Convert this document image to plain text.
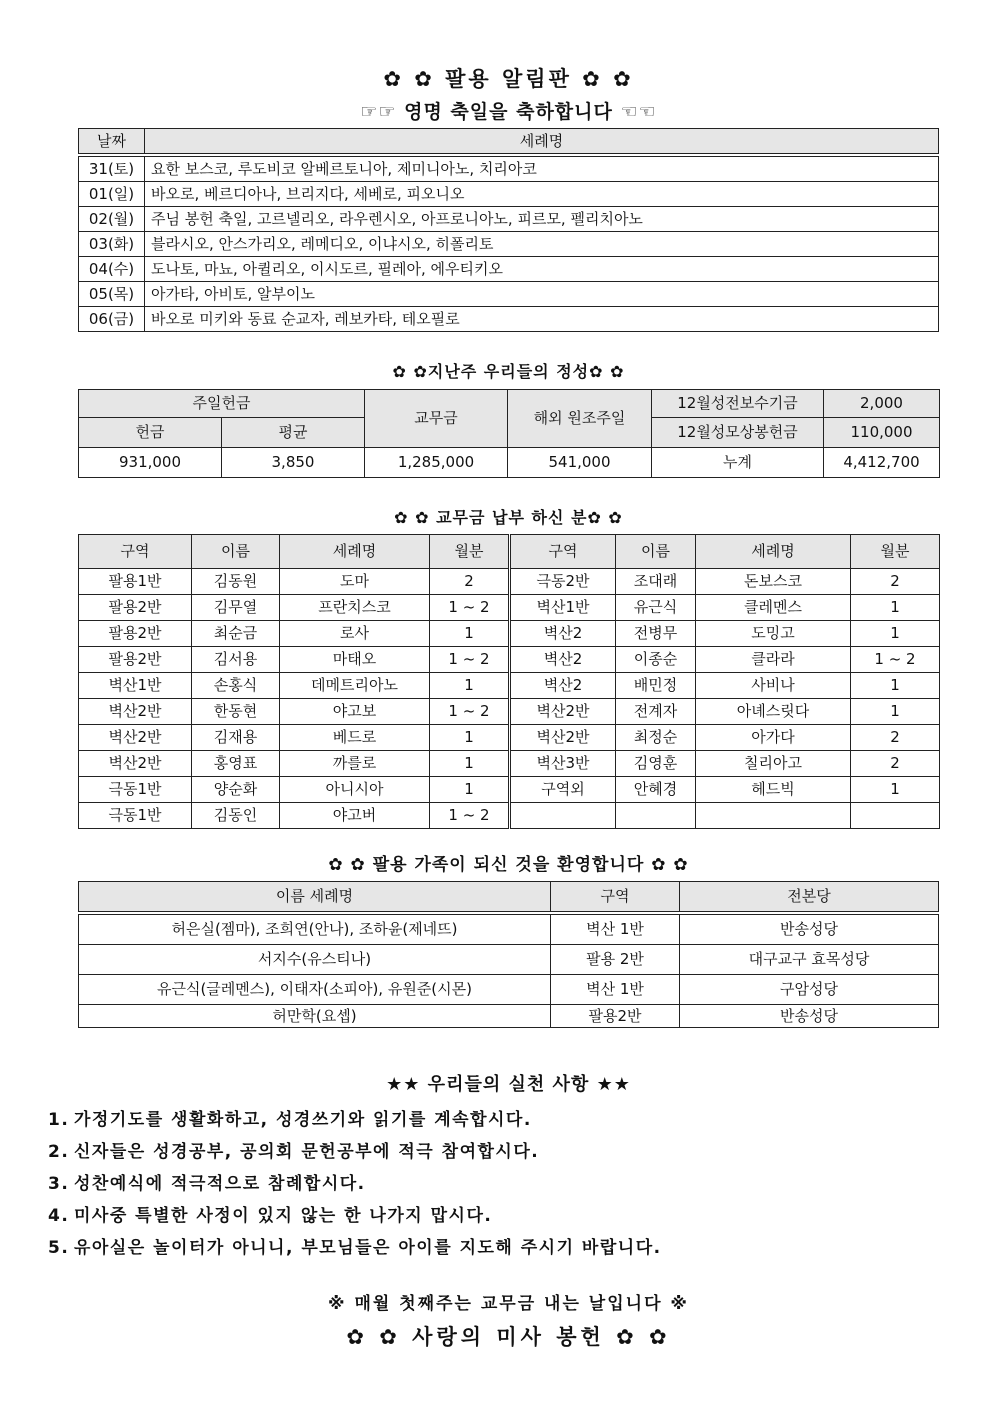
✿ ✿ 팔용 알림판 ✿ ✿
☞☞ 영명 축일을 축하합니다 ☜☜
날짜	세례명
31(토)	요한 보스코, 루도비코 알베르토니아, 제미니아노, 치리아코
01(일)	바오로, 베르디아나, 브리지다, 세베로, 피오니오
02(월)	주님 봉헌 축일, 고르넬리오, 라우렌시오, 아프로니아노, 피르모, 펠리치아노
03(화)	블라시오, 안스가리오, 레메디오, 이냐시오, 히폴리토
04(수)	도나토, 마뇨, 아퀼리오, 이시도르, 필레아, 에우티키오
05(목)	아가타, 아비토, 알부이노
06(금)	바오로 미키와 동료 순교자, 레보카타, 테오필로
✿ ✿지난주 우리들의 정성✿ ✿
주일헌금		교무금	해외 원조주일	12월성전보수기금	2,000
헌금	평균			12월성모상봉헌금	110,000
931,000	3,850	1,285,000	541,000	누계	4,412,700
✿ ✿ 교무금 납부 하신 분✿ ✿
구역	이름	세례명	월분	구역	이름	세례명	월분
팔용1반	김동원	도마	2	극동2반	조대래	돈보스코	2
팔용2반	김무열	프란치스코	1 ~ 2	벽산1반	유근식	클레멘스	1
팔용2반	최순금	로사	1	벽산2	전병무	도밍고	1
팔용2반	김서용	마태오	1 ~ 2	벽산2	이종순	클라라	1 ~ 2
벽산1반	손홍식	데메트리아노	1	벽산2	배민정	사비나	1
벽산2반	한동현	야고보	1 ~ 2	벽산2반	전계자	아녜스릿다	1
벽산2반	김재용	베드로	1	벽산2반	최정순	아가다	2
벽산2반	홍영표	까를로	1	벽산3반	김영훈	칠리아고	2
극동1반	양순화	아니시아	1	구역외	안혜경	헤드빅	1
극동1반	김동인	야고버	1 ~ 2				
✿ ✿ 팔용 가족이 되신 것을 환영합니다 ✿ ✿
이름 세례명	구역	전본당
허은실(젬마), 조희연(안나), 조하윤(제네뜨)	벽산 1반	반송성당
서지수(유스티나)	팔용 2반	대구교구 효목성당
유근식(글레멘스), 이태자(소피아), 유원준(시몬)	벽산 1반	구암성당
허만학(요셉)	팔용2반	반송성당
★★ 우리들의 실천 사항 ★★
1. 가정기도를 생활화하고, 성경쓰기와 읽기를 계속합시다.
2. 신자들은 성경공부, 공의회 문헌공부에 적극 참여합시다.
3. 성찬예식에 적극적으로 참례합시다.
4. 미사중 특별한 사정이 있지 않는 한 나가지 맙시다.
5. 유아실은 놀이터가 아니니, 부모님들은 아이를 지도해 주시기 바랍니다.
※ 매월 첫째주는 교무금 내는 날입니다 ※
✿ ✿ 사랑의 미사 봉헌 ✿ ✿
